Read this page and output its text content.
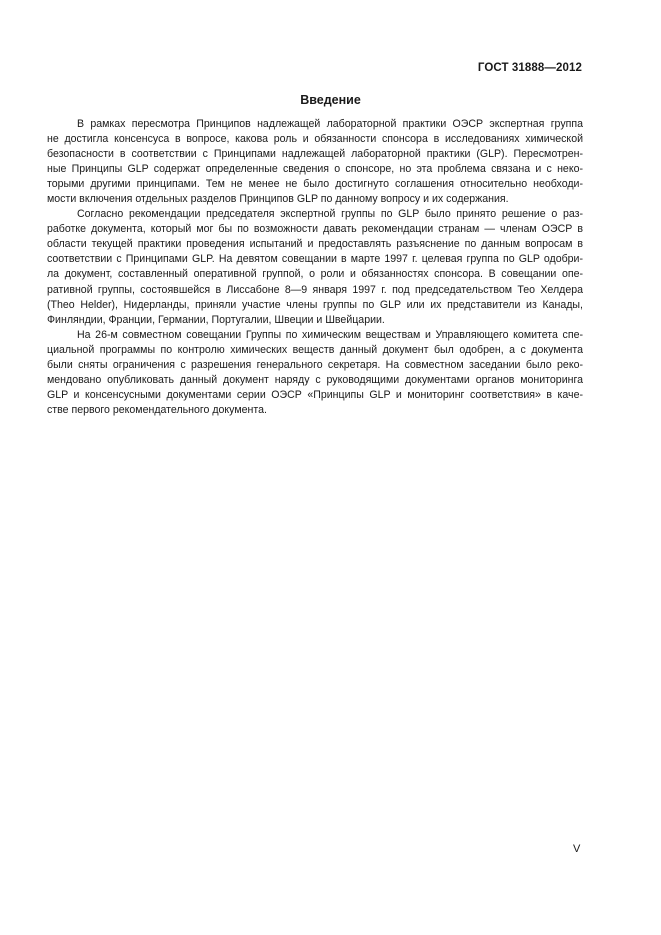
ГОСТ 31888—2012
Введение
В рамках пересмотра Принципов надлежащей лабораторной практики ОЭСР экспертная группа
не достигла консенсуса в вопросе, какова роль и обязанности спонсора в исследованиях химической
безопасности в соответствии с Принципами надлежащей лабораторной практики (GLP). Пересмотрен-
ные Принципы GLP содержат определенные сведения о спонсоре, но эта проблема связана и с неко-
торыми другими принципами. Тем не менее не было достигнуто соглашения относительно необходи-
мости включения отдельных разделов Принципов GLP по данному вопросу и их содержания.
Согласно рекомендации председателя экспертной группы по GLP было принято решение о раз-
работке документа, который мог бы по возможности давать рекомендации странам — членам ОЭСР в
области текущей практики проведения испытаний и предоставлять разъяснение по данным вопросам в
соответствии с Принципами GLP. На девятом совещании в марте 1997 г. целевая группа по GLP одобри-
ла документ, составленный оперативной группой, о роли и обязанностях спонсора. В совещании опе-
ративной группы, состоявшейся в Лиссабоне 8—9 января 1997 г. под председательством Тео Хелдера
(Theo Helder), Нидерланды, приняли участие члены группы по GLP или их представители из Канады,
Финляндии, Франции, Германии, Португалии, Швеции и Швейцарии.
На 26-м совместном совещании Группы по химическим веществам и Управляющего комитета спе-
циальной программы по контролю химических веществ данный документ был одобрен, а с документа
были сняты ограничения с разрешения генерального секретаря. На совместном заседании было реко-
мендовано опубликовать данный документ наряду с руководящими документами органов мониторинга
GLP и консенсусными документами серии ОЭСР «Принципы GLP и мониторинг соответствия» в каче-
стве первого рекомендательного документа.
V
